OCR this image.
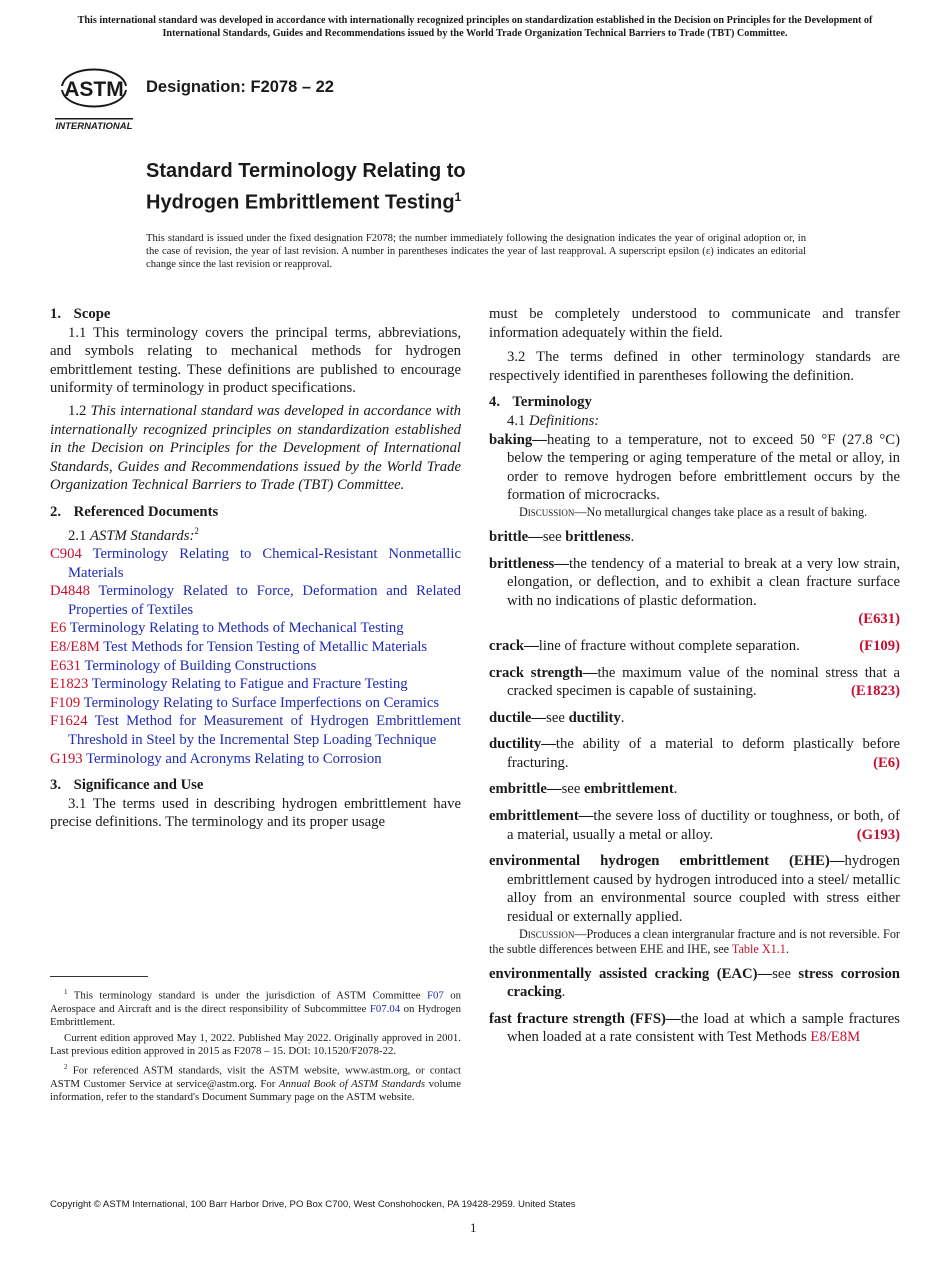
This international standard was developed in accordance with internationally recognized principles on standardization established in the Decision on Principles for the Development of International Standards, Guides and Recommendations issued by the World Trade Organization Technical Barriers to Trade (TBT) Committee.
ASTM
INTERNATIONAL
Designation: F2078 – 22
Standard Terminology Relating to
Hydrogen Embrittlement Testing$^1$
This standard is issued under the fixed designation F2078; the number immediately following the designation indicates the year of original adoption or, in the case of revision, the year of last revision. A number in parentheses indicates the year of last reapproval. A superscript epsilon (ε) indicates an editorial change since the last revision or reapproval.

1. Scope

1.1 This terminology covers the principal terms, abbreviations, and symbols relating to mechanical methods for hydrogen embrittlement testing. These definitions are published to encourage uniformity of terminology in product specifications.

1.2 This international standard was developed in accordance with internationally recognized principles on standardization established in the Decision on Principles for the Development of International Standards, Guides and Recommendations issued by the World Trade Organization Technical Barriers to Trade (TBT) Committee.

2. Referenced Documents

2.1 ASTM Standards:$^2$

C904 Terminology Relating to Chemical-Resistant Nonmetallic Materials

D4848 Terminology Related to Force, Deformation and Related Properties of Textiles

E6 Terminology Relating to Methods of Mechanical Testing

E8/E8M Test Methods for Tension Testing of Metallic Materials

E631 Terminology of Building Constructions

E1823 Terminology Relating to Fatigue and Fracture Testing

F109 Terminology Relating to Surface Imperfections on Ceramics

F1624 Test Method for Measurement of Hydrogen Embrittlement Threshold in Steel by the Incremental Step Loading Technique

G193 Terminology and Acronyms Relating to Corrosion

3. Significance and Use

3.1 The terms used in describing hydrogen embrittlement have precise definitions. The terminology and its proper usage

must be completely understood to communicate and transfer information adequately within the field.

3.2 The terms defined in other terminology standards are respectively identified in parentheses following the definition.

4. Terminology

4.1 Definitions:

baking—heating to a temperature, not to exceed 50 °F (27.8 °C) below the tempering or aging temperature of the metal or alloy, in order to remove hydrogen before embrittlement occurs by the formation of microcracks.

Discussion—No metallurgical changes take place as a result of baking.

brittle—see brittleness.

brittleness—the tendency of a material to break at a very low strain, elongation, or deflection, and to exhibit a clean fracture surface with no indications of plastic deformation.

(E631)

(F109)
crack—line of fracture without complete separation.

crack strength—the maximum value of the nominal stress that a cracked specimen is capable of sustaining.	(E1823)

ductile—see ductility.

ductility—the ability of a material to deform plastically before fracturing.	(E6)

embrittle—see embrittlement.

embrittlement—the severe loss of ductility or toughness, or both, of a material, usually a metal or alloy.	(G193)

environmental hydrogen embrittlement (EHE)—hydrogen embrittlement caused by hydrogen introduced into a steel/ metallic alloy from an environmental source coupled with stress either residual or externally applied.

Discussion—Produces a clean intergranular fracture and is not reversible. For the subtle differences between EHE and IHE, see Table X1.1.

environmentally assisted cracking (EAC)—see stress corrosion cracking.

fast fracture strength (FFS)—the load at which a sample fractures when loaded at a rate consistent with Test Methods E8/E8M

$^1$ This terminology standard is under the jurisdiction of ASTM Committee F07 on Aerospace and Aircraft and is the direct responsibility of Subcommittee F07.04 on Hydrogen Embrittlement.

Current edition approved May 1, 2022. Published May 2022. Originally approved in 2001. Last previous edition approved in 2015 as F2078 – 15. DOI: 10.1520/F2078-22.

$^2$ For referenced ASTM standards, visit the ASTM website, www.astm.org, or contact ASTM Customer Service at service@astm.org. For Annual Book of ASTM Standards volume information, refer to the standard's Document Summary page on the ASTM website.

Copyright © ASTM International, 100 Barr Harbor Drive, PO Box C700, West Conshohocken, PA 19428-2959. United States
1
